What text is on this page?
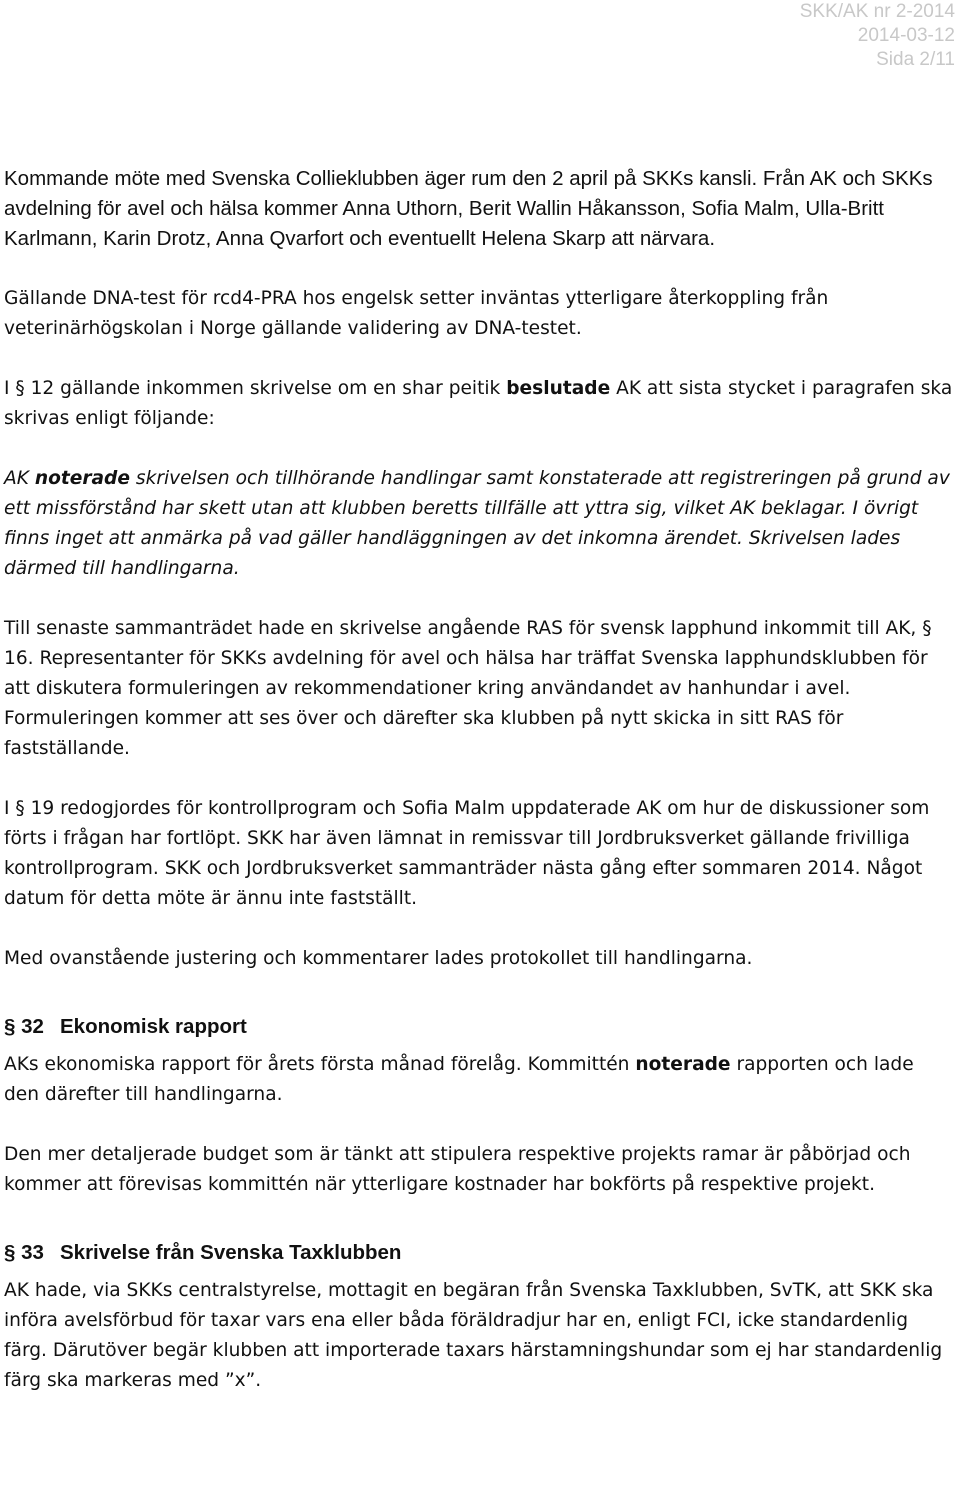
SKK/AK nr 2-2014
2014-03-12
Sida 2/11

Kommande möte med Svenska Collieklubben äger rum den 2 april på SKKs kansli. Från AK och SKKs avdelning för avel och hälsa kommer Anna Uthorn, Berit Wallin Håkansson, Sofia Malm, Ulla-Britt Karlmann, Karin Drotz, Anna Qvarfort och eventuellt Helena Skarp att närvara.

Gällande DNA-test för rcd4-PRA hos engelsk setter inväntas ytterligare återkoppling från veterinärhögskolan i Norge gällande validering av DNA-testet.

I § 12 gällande inkommen skrivelse om en shar peitik beslutade AK att sista stycket i paragrafen ska skrivas enligt följande:

AK noterade skrivelsen och tillhörande handlingar samt konstaterade att registreringen på grund av ett missförstånd har skett utan att klubben beretts tillfälle att yttra sig, vilket AK beklagar. I övrigt finns inget att anmärka på vad gäller handläggningen av det inkomna ärendet. Skrivelsen lades därmed till handlingarna.

Till senaste sammanträdet hade en skrivelse angående RAS för svensk lapphund inkommit till AK, § 16. Representanter för SKKs avdelning för avel och hälsa har träffat Svenska lapphundsklubben för att diskutera formuleringen av rekommendationer kring användandet av hanhundar i avel. Formuleringen kommer att ses över och därefter ska klubben på nytt skicka in sitt RAS för fastställande.

I § 19 redogjordes för kontrollprogram och Sofia Malm uppdaterade AK om hur de diskussioner som förts i frågan har fortlöpt. SKK har även lämnat in remissvar till Jordbruksverket gällande frivilliga kontrollprogram. SKK och Jordbruksverket sammanträder nästa gång efter sommaren 2014. Något datum för detta möte är ännu inte fastställt.

Med ovanstående justering och kommentarer lades protokollet till handlingarna.

§ 32 Ekonomisk rapport

AKs ekonomiska rapport för årets första månad förelåg. Kommittén noterade rapporten och lade den därefter till handlingarna.

Den mer detaljerade budget som är tänkt att stipulera respektive projekts ramar är påbörjad och kommer att förevisas kommittén när ytterligare kostnader har bokförts på respektive projekt.

§ 33 Skrivelse från Svenska Taxklubben

AK hade, via SKKs centralstyrelse, mottagit en begäran från Svenska Taxklubben, SvTK, att SKK ska införa avelsförbud för taxar vars ena eller båda föräldradjur har en, enligt FCI, icke standardenlig färg. Därutöver begär klubben att importerade taxars härstamningshundar som ej har standardenlig färg ska markeras med ”x”.
